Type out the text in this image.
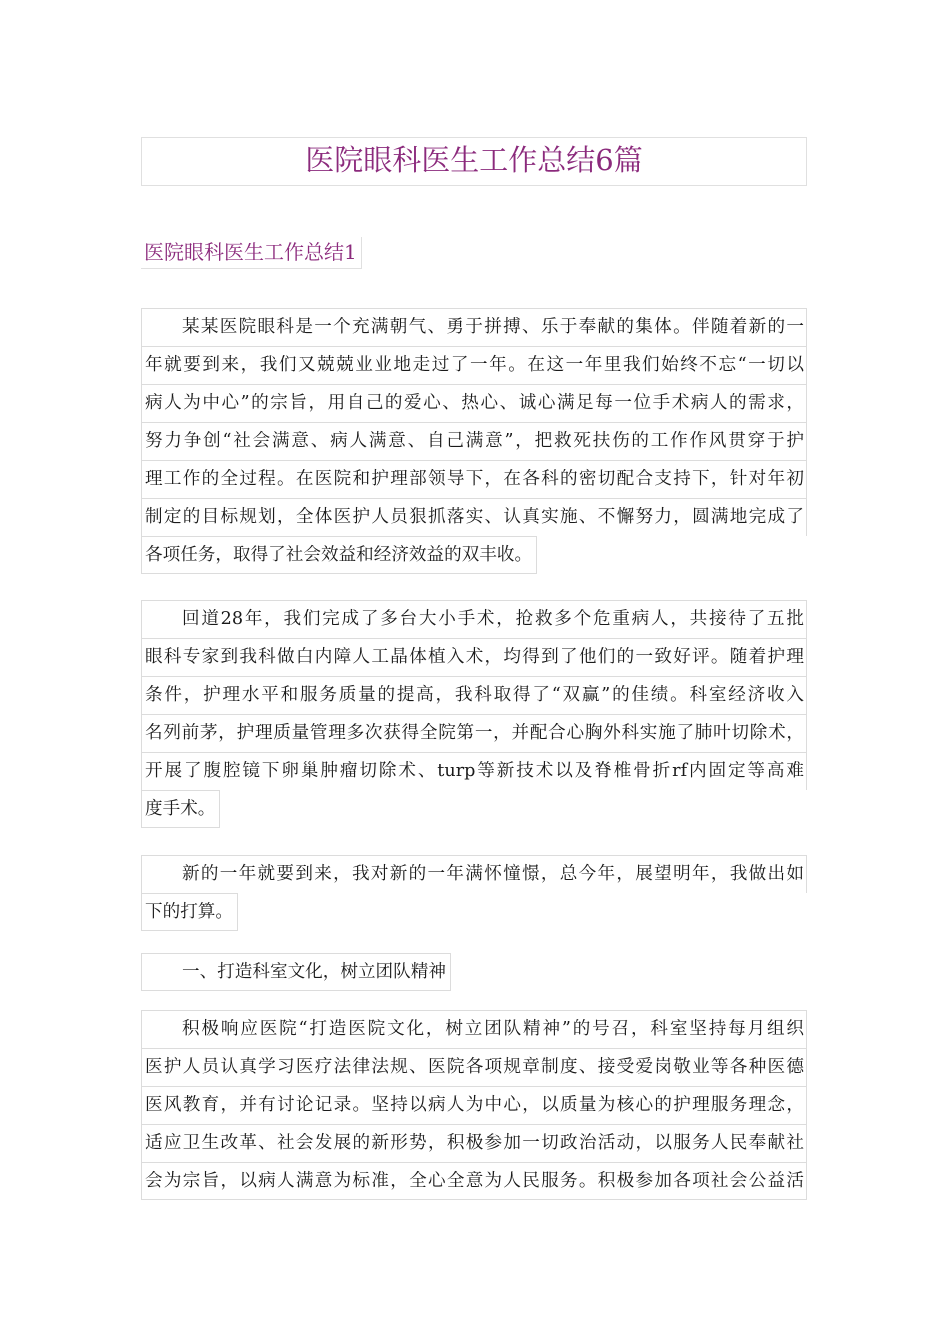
医院眼科医生工作总结6篇
医院眼科医生工作总结1
某某医院眼科是一个充满朝气、勇于拼搏、乐于奉献的集体。伴随着新的一
年就要到来，我们又兢兢业业地走过了一年。在这一年里我们始终不忘“一切以
病人为中心”的宗旨，用自己的爱心、热心、诚心满足每一位手术病人的需求，
努力争创“社会满意、病人满意、自己满意”，把救死扶伤的工作作风贯穿于护
理工作的全过程。在医院和护理部领导下，在各科的密切配合支持下，针对年初
制定的目标规划，全体医护人员狠抓落实、认真实施、不懈努力，圆满地完成了
各项任务，取得了社会效益和经济效益的双丰收。
回道28年，我们完成了多台大小手术，抢救多个危重病人，共接待了五批
眼科专家到我科做白内障人工晶体植入术，均得到了他们的一致好评。随着护理
条件，护理水平和服务质量的提高，我科取得了“双赢”的佳绩。科室经济收入
名列前茅，护理质量管理多次获得全院第一，并配合心胸外科实施了肺叶切除术，
开展了腹腔镜下卵巢肿瘤切除术、turp等新技术以及脊椎骨折rf内固定等高难
度手术。
新的一年就要到来，我对新的一年满怀憧憬，总今年，展望明年，我做出如
下的打算。
一、打造科室文化，树立团队精神
积极响应医院“打造医院文化，树立团队精神”的号召，科室坚持每月组织
医护人员认真学习医疗法律法规、医院各项规章制度、接受爱岗敬业等各种医德
医风教育，并有讨论记录。坚持以病人为中心，以质量为核心的护理服务理念，
适应卫生改革、社会发展的新形势，积极参加一切政治活动，以服务人民奉献社
会为宗旨，以病人满意为标准，全心全意为人民服务。积极参加各项社会公益活
